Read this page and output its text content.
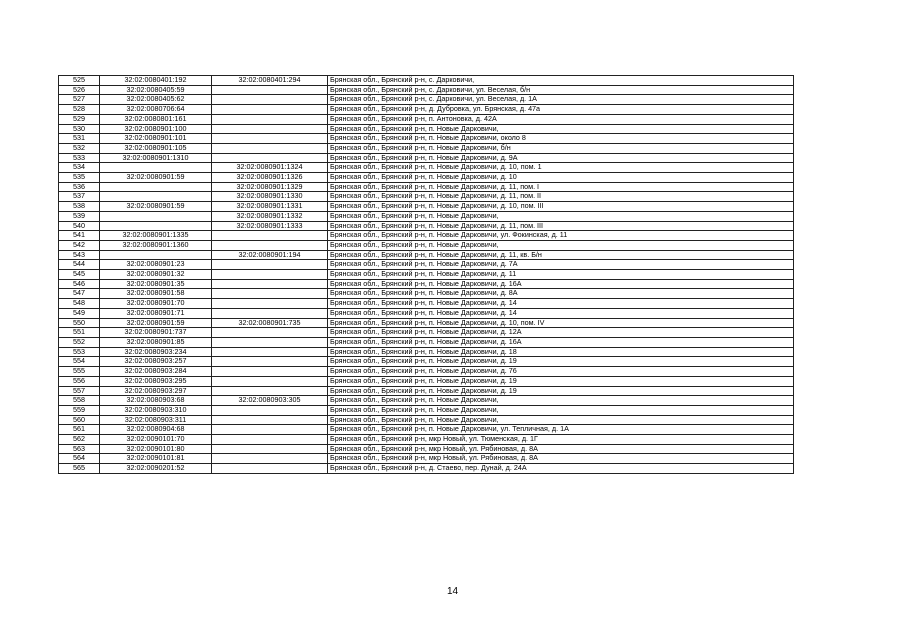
525	32:02:0080401:192	32:02:0080401:294	Брянская обл., Брянский р-н, с. Дарковичи,
526	32:02:0080405:59		Брянская обл., Брянский р-н, с. Дарковичи, ул. Веселая, б/н
527	32:02:0080405:62		Брянская обл., Брянский р-н, с. Дарковичи, ул. Веселая, д. 1А
528	32:02:0080706:64		Брянская обл., Брянский р-н, д. Дубровка, ул. Брянская, д. 47а
529	32:02:0080801:161		Брянская обл., Брянский р-н, п. Антоновка, д. 42А
530	32:02:0080901:100		Брянская обл., Брянский р-н, п. Новые Дарковичи,
531	32:02:0080901:101		Брянская обл., Брянский р-н, п. Новые Дарковичи, около 8
532	32:02:0080901:105		Брянская обл., Брянский р-н, п. Новые Дарковичи, б/н
533	32:02:0080901:1310		Брянская обл., Брянский р-н, п. Новые Дарковичи, д. 9А
534		32:02:0080901:1324	Брянская обл., Брянский р-н, п. Новые Дарковичи, д. 10, пом. 1
535	32:02:0080901:59	32:02:0080901:1326	Брянская обл., Брянский р-н, п. Новые Дарковичи, д. 10
536		32:02:0080901:1329	Брянская обл., Брянский р-н, п. Новые Дарковичи, д. 11, пом. I
537		32:02:0080901:1330	Брянская обл., Брянский р-н, п. Новые Дарковичи, д. 11, пом. II
538	32:02:0080901:59	32:02:0080901:1331	Брянская обл., Брянский р-н, п. Новые Дарковичи, д. 10, пом. III
539		32:02:0080901:1332	Брянская обл., Брянский р-н, п. Новые Дарковичи,
540		32:02:0080901:1333	Брянская обл., Брянский р-н, п. Новые Дарковичи, д. 11, пом. III
541	32:02:0080901:1335		Брянская обл., Брянский р-н, п. Новые Дарковичи, ул. Фокинская, д. 11
542	32:02:0080901:1360		Брянская обл., Брянский р-н, п. Новые Дарковичи,
543		32:02:0080901:194	Брянская обл., Брянский р-н, п. Новые Дарковичи, д. 11, кв. Б/н
544	32:02:0080901:23		Брянская обл., Брянский р-н, п. Новые Дарковичи, д. 7А
545	32:02:0080901:32		Брянская обл., Брянский р-н, п. Новые Дарковичи, д. 11
546	32:02:0080901:35		Брянская обл., Брянский р-н, п. Новые Дарковичи, д. 16А
547	32:02:0080901:58		Брянская обл., Брянский р-н, п. Новые Дарковичи, д. 8А
548	32:02:0080901:70		Брянская обл., Брянский р-н, п. Новые Дарковичи, д. 14
549	32:02:0080901:71		Брянская обл., Брянский р-н, п. Новые Дарковичи, д. 14
550	32:02:0080901:59	32:02:0080901:735	Брянская обл., Брянский р-н, п. Новые Дарковичи, д. 10, пом. IV
551	32:02:0080901:737		Брянская обл., Брянский р-н, п. Новые Дарковичи, д. 12А
552	32:02:0080901:85		Брянская обл., Брянский р-н, п. Новые Дарковичи, д. 16А
553	32:02:0080903:234		Брянская обл., Брянский р-н, п. Новые Дарковичи, д. 18
554	32:02:0080903:257		Брянская обл., Брянский р-н, п. Новые Дарковичи, д. 19
555	32:02:0080903:284		Брянская обл., Брянский р-н, п. Новые Дарковичи, д. 76
556	32:02:0080903:295		Брянская обл., Брянский р-н, п. Новые Дарковичи, д. 19
557	32:02:0080903:297		Брянская обл., Брянский р-н, п. Новые Дарковичи, д. 19
558	32:02:0080903:68	32:02:0080903:305	Брянская обл., Брянский р-н, п. Новые Дарковичи,
559	32:02:0080903:310		Брянская обл., Брянский р-н, п. Новые Дарковичи,
560	32:02:0080903:311		Брянская обл., Брянский р-н, п. Новые Дарковичи,
561	32:02:0080904:68		Брянская обл., Брянский р-н, п. Новые Дарковичи, ул. Тепличная, д. 1А
562	32:02:0090101:70		Брянская обл., Брянский р-н, мкр Новый, ул. Тюменская, д. 1Г
563	32:02:0090101:80		Брянская обл., Брянский р-н, мкр Новый, ул. Рябиновая, д. 8А
564	32:02:0090101:81		Брянская обл., Брянский р-н, мкр Новый, ул. Рябиновая, д. 8А
565	32:02:0090201:52		Брянская обл., Брянский р-н, д. Стаево, пер. Дунай, д. 24А
14
